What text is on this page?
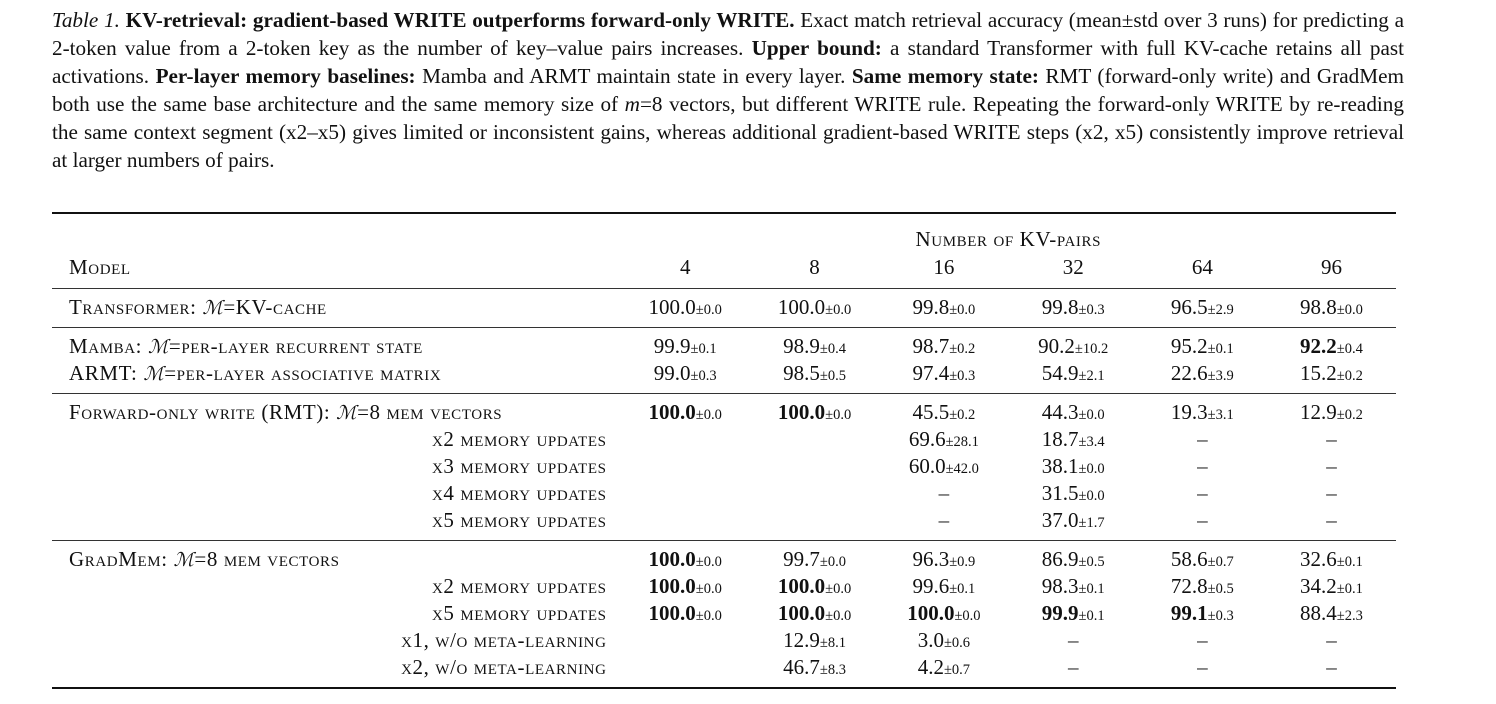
Table 1. KV-retrieval: gradient-based WRITE outperforms forward-only WRITE. Exact match retrieval accuracy (mean±std over 3 runs) for predicting a 2-token value from a 2-token key as the number of key–value pairs increases. Upper bound: a standard Transformer with full KV-cache retains all past activations. Per-layer memory baselines: Mamba and ARMT maintain state in every layer. Same memory state: RMT (forward-only write) and GradMem both use the same base architecture and the same memory size of m=8 vectors, but different WRITE rule. Repeating the forward-only WRITE by re-reading the same context segment (x2–x5) gives limited or inconsistent gains, whereas additional gradient-based WRITE steps (x2, x5) consistently improve retrieval at larger numbers of pairs.
	Number of KV-pairs					
Model	4	8	16	32	64	96
Transformer: ℳ=KV-cache	100.0±0.0	100.0±0.0	99.8±0.0	99.8±0.3	96.5±2.9	98.8±0.0
Mamba: ℳ=per-layer recurrent state	99.9±0.1	98.9±0.4	98.7±0.2	90.2±10.2	95.2±0.1	92.2±0.4
ARMT: ℳ=per-layer associative matrix	99.0±0.3	98.5±0.5	97.4±0.3	54.9±2.1	22.6±3.9	15.2±0.2
Forward-only write (RMT): ℳ=8 mem vectors	100.0±0.0	100.0±0.0	45.5±0.2	44.3±0.0	19.3±3.1	12.9±0.2
x2 memory updates			69.6±28.1	18.7±3.4	–	–
x3 memory updates			60.0±42.0	38.1±0.0	–	–
x4 memory updates			–	31.5±0.0	–	–
x5 memory updates			–	37.0±1.7	–	–
GradMem: ℳ=8 mem vectors	100.0±0.0	99.7±0.0	96.3±0.9	86.9±0.5	58.6±0.7	32.6±0.1
x2 memory updates	100.0±0.0	100.0±0.0	99.6±0.1	98.3±0.1	72.8±0.5	34.2±0.1
x5 memory updates	100.0±0.0	100.0±0.0	100.0±0.0	99.9±0.1	99.1±0.3	88.4±2.3
x1, w/o meta-learning		12.9±8.1	3.0±0.6	–	–	–
x2, w/o meta-learning		46.7±8.3	4.2±0.7	–	–	–
